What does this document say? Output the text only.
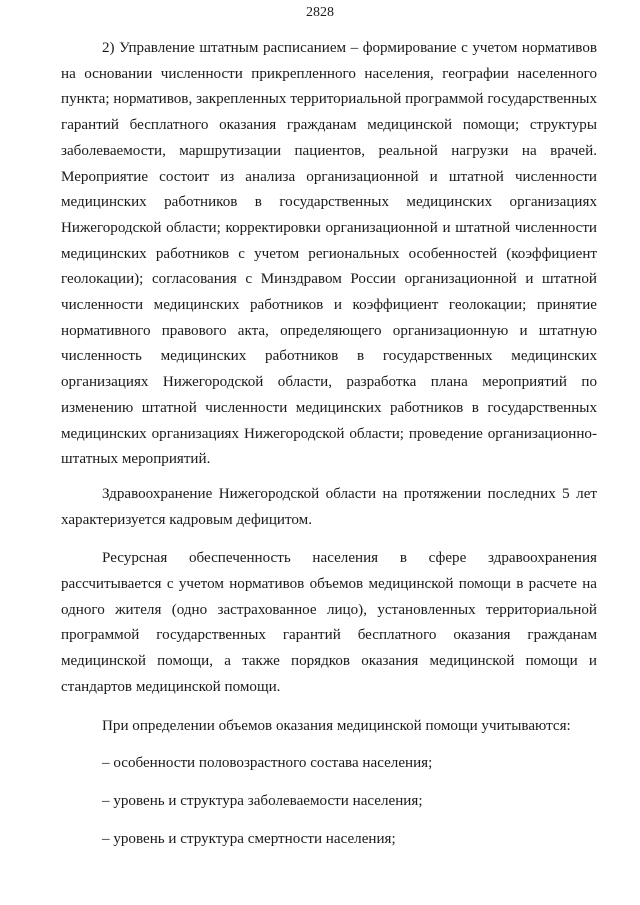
2828

2) Управление штатным расписанием – формирование с учетом нормативов на основании численности прикрепленного населения, географии населенного пункта; нормативов, закрепленных территориальной программой государственных гарантий бесплатного оказания гражданам медицинской помощи; структуры заболеваемости, маршрутизации пациентов, реальной нагрузки на врачей. Мероприятие состоит из анализа организационной и штатной численности медицинских работников в государственных медицинских организациях Нижегородской области; корректировки организационной и штатной численности медицинских работников с учетом региональных особенностей (коэффициент геолокации); согласования с Минздравом России организационной и штатной численности медицинских работников и коэффициент геолокации; принятие нормативного правового акта, определяющего организационную и штатную численность медицинских работников в государственных медицинских организациях Нижегородской области, разработка плана мероприятий по изменению штатной численности медицинских работников в государственных медицинских организациях Нижегородской области; проведение организационно-штатных мероприятий.

Здравоохранение Нижегородской области на протяжении последних 5 лет характеризуется кадровым дефицитом.

Ресурсная обеспеченность населения в сфере здравоохранения рассчитывается с учетом нормативов объемов медицинской помощи в расчете на одного жителя (одно застрахованное лицо), установленных территориальной программой государственных гарантий бесплатного оказания гражданам медицинской помощи, а также порядков оказания медицинской помощи и стандартов медицинской помощи.

При определении объемов оказания медицинской помощи учитываются:

– особенности половозрастного состава населения;

– уровень и структура заболеваемости населения;

– уровень и структура смертности населения;
